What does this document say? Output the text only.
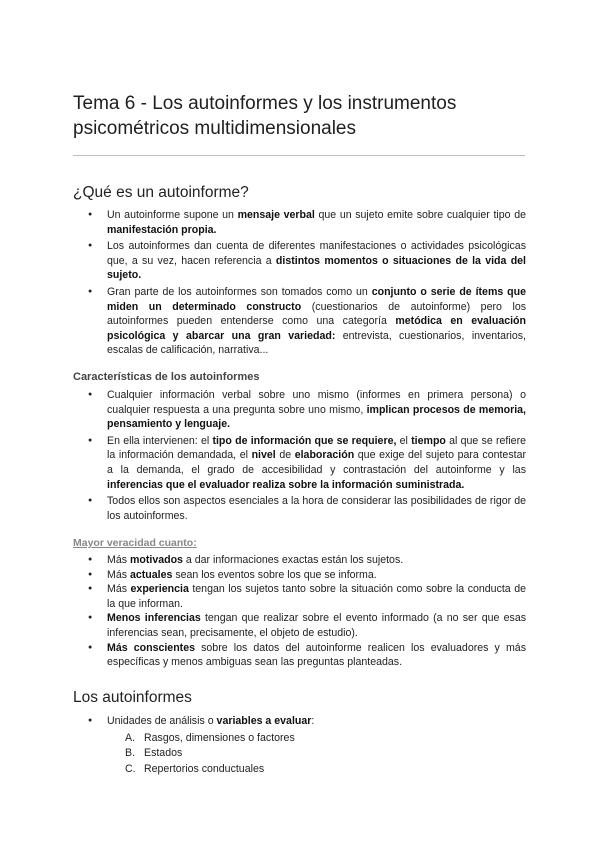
Tema 6 - Los autoinformes y los instrumentos psicométricos multidimensionales
¿Qué es un autoinforme?
● Un autoinforme supone un mensaje verbal que un sujeto emite sobre cualquier tipo de manifestación propia.
● Los autoinformes dan cuenta de diferentes manifestaciones o actividades psicológicas que, a su vez, hacen referencia a distintos momentos o situaciones de la vida del sujeto.
● Gran parte de los autoinformes son tomados como un conjunto o serie de ítems que miden un determinado constructo (cuestionarios de autoinforme) pero los autoinformes pueden entenderse como una categoría metódica en evaluación psicológica y abarcar una gran variedad: entrevista, cuestionarios, inventarios, escalas de calificación, narrativa...
Características de los autoinformes
● Cualquier información verbal sobre uno mismo (informes en primera persona) o cualquier respuesta a una pregunta sobre uno mismo, implican procesos de memoria, pensamiento y lenguaje.
● En ella intervienen: el tipo de información que se requiere, el tiempo al que se refiere la información demandada, el nivel de elaboración que exige del sujeto para contestar a la demanda, el grado de accesibilidad y contrastación del autoinforme y las inferencias que el evaluador realiza sobre la información suministrada.
● Todos ellos son aspectos esenciales a la hora de considerar las posibilidades de rigor de los autoinformes.
Mayor veracidad cuanto:
● Más motivados a dar informaciones exactas están los sujetos.
● Más actuales sean los eventos sobre los que se informa.
● Más experiencia tengan los sujetos tanto sobre la situación como sobre la conducta de la que informan.
● Menos inferencias tengan que realizar sobre el evento informado (a no ser que esas inferencias sean, precisamente, el objeto de estudio).
● Más conscientes sobre los datos del autoinforme realicen los evaluadores y más específicas y menos ambiguas sean las preguntas planteadas.
Los autoinformes
● Unidades de análisis o variables a evaluar:
A. Rasgos, dimensiones o factores
B. Estados
C. Repertorios conductuales
